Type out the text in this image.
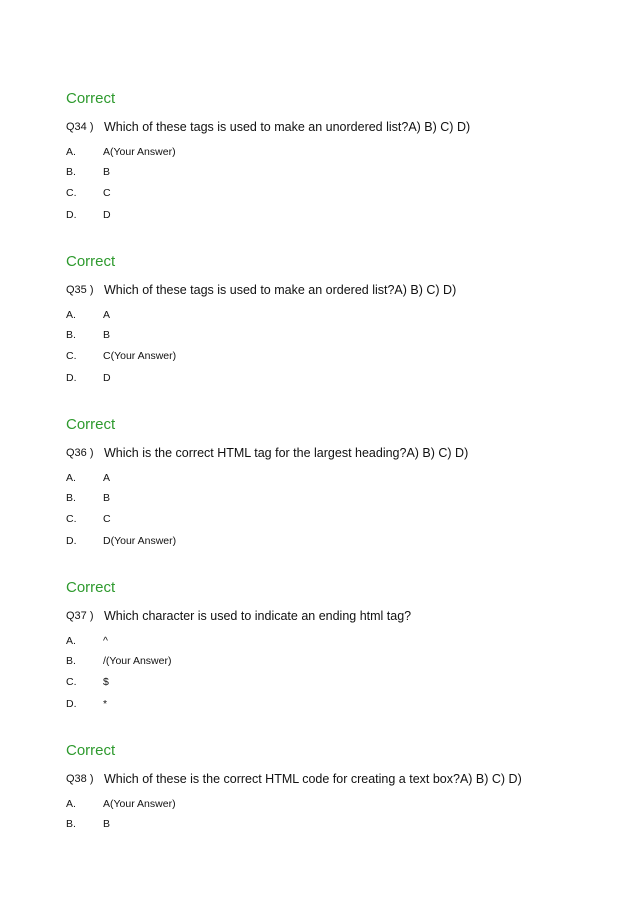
Correct
Q34 ) Which of these tags is used to make an unordered list?A) B) C) D)
A.	A(Your Answer)
B.	B
C.	C
D.	D
Correct
Q35 ) Which of these tags is used to make an ordered list?A) B) C) D)
A.	A
B.	B
C.	C(Your Answer)
D.	D
Correct
Q36 ) Which is the correct HTML tag for the largest heading?A) B) C) D)
A.	A
B.	B
C.	C
D.	D(Your Answer)
Correct
Q37 ) Which character is used to indicate an ending html tag?
A.	^
B.	/(Your Answer)
C.	$
D.	*
Correct
Q38 ) Which of these is the correct HTML code for creating a text box?A) B) C) D)
A.	A(Your Answer)
B.	B
